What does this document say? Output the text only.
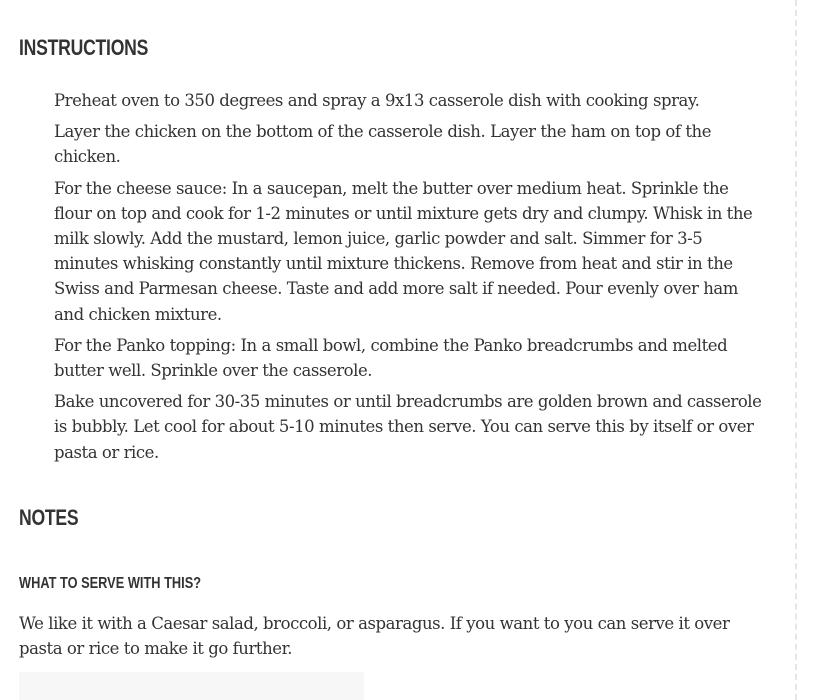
INSTRUCTIONS
Preheat oven to 350 degrees and spray a 9x13 casserole dish with cooking spray.
Layer the chicken on the bottom of the casserole dish. Layer the ham on top of the chicken.
For the cheese sauce: In a saucepan, melt the butter over medium heat. Sprinkle the flour on top and cook for 1-2 minutes or until mixture gets dry and clumpy. Whisk in the milk slowly. Add the mustard, lemon juice, garlic powder and salt. Simmer for 3-5 minutes whisking constantly until mixture thickens. Remove from heat and stir in the Swiss and Parmesan cheese. Taste and add more salt if needed. Pour evenly over ham and chicken mixture.
For the Panko topping: In a small bowl, combine the Panko breadcrumbs and melted butter well. Sprinkle over the casserole.
Bake uncovered for 30-35 minutes or until breadcrumbs are golden brown and casserole is bubbly. Let cool for about 5-10 minutes then serve. You can serve this by itself or over pasta or rice.
NOTES
WHAT TO SERVE WITH THIS?

We like it with a Caesar salad, broccoli, or asparagus. If you want to you can serve it over pasta or rice to make it go further.
